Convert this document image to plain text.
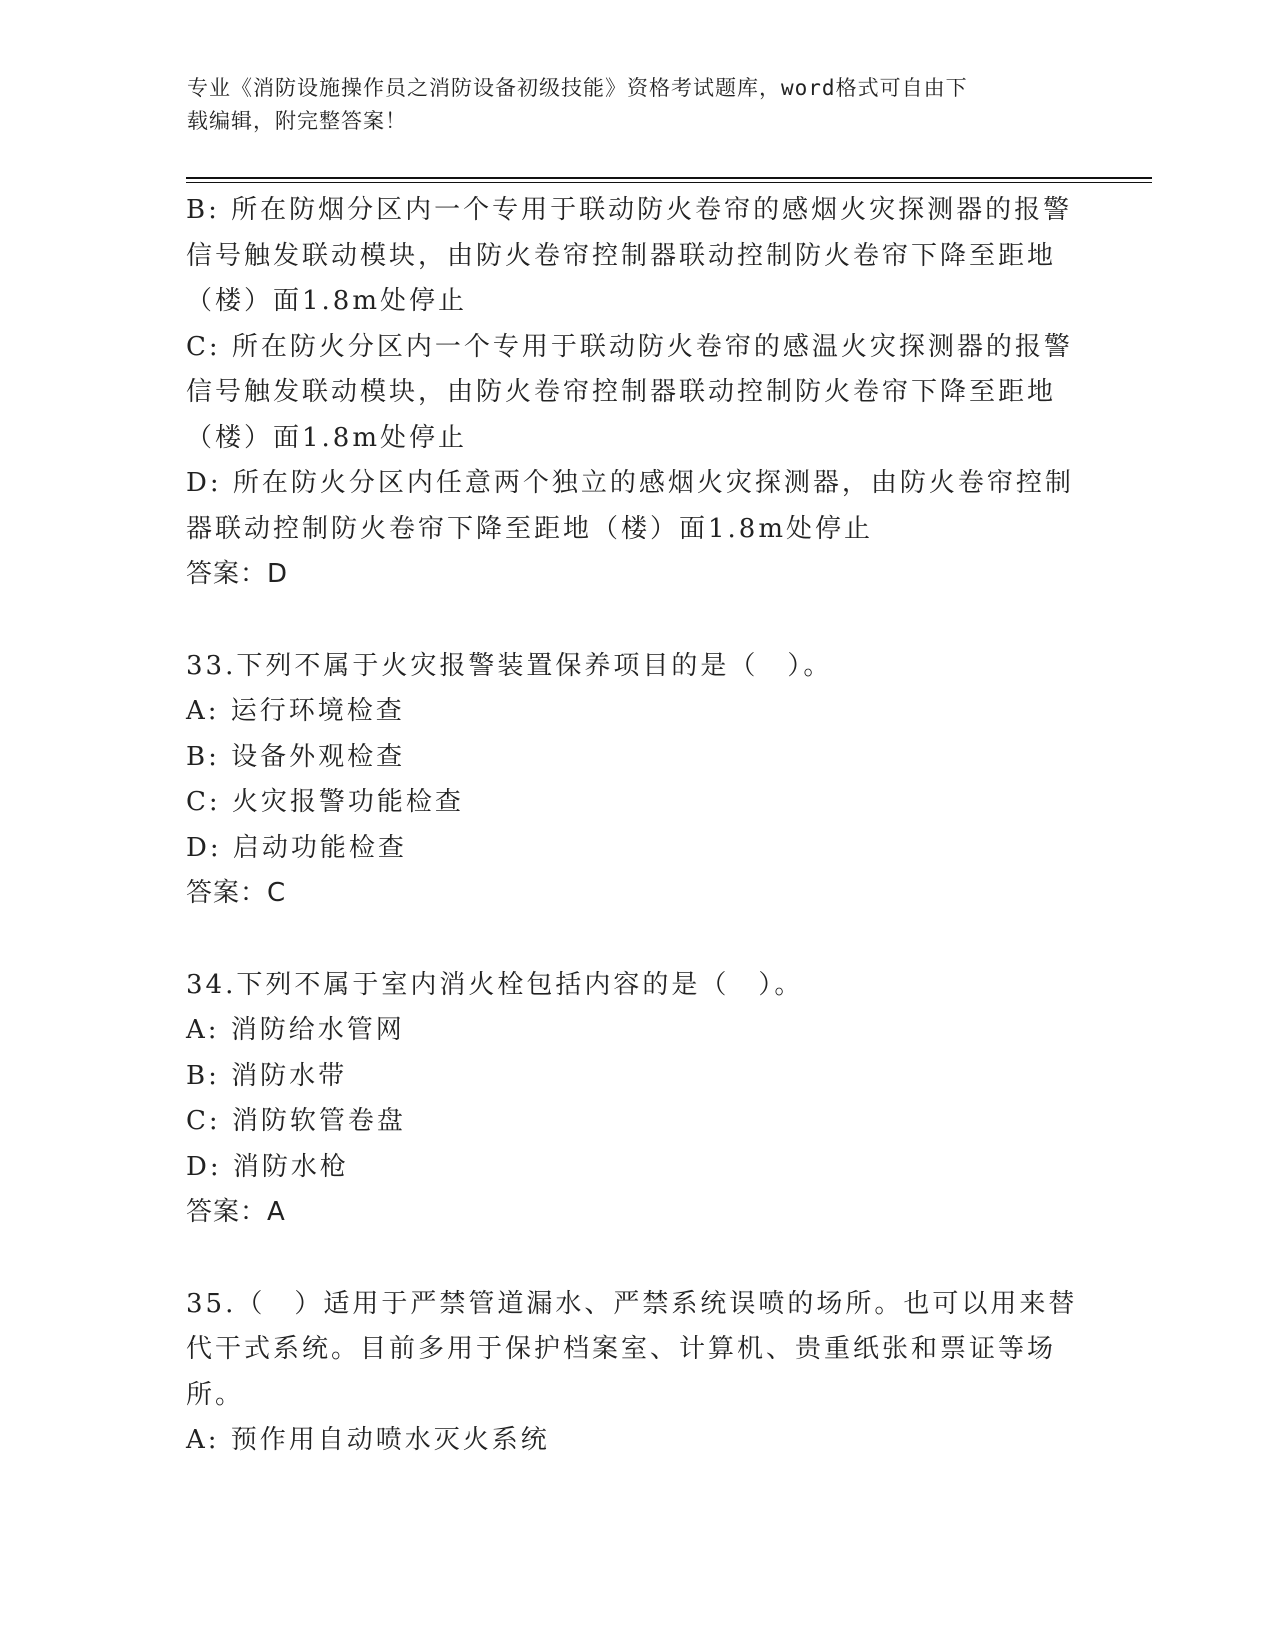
专业《消防设施操作员之消防设备初级技能》资格考试题库，word格式可自由下
载编辑，附完整答案！

B: 所在防烟分区内一个专用于联动防火卷帘的感烟火灾探测器的报警信号触发联动模块，由防火卷帘控制器联动控制防火卷帘下降至距地（楼）面1.8m处停止

C: 所在防火分区内一个专用于联动防火卷帘的感温火灾探测器的报警信号触发联动模块，由防火卷帘控制器联动控制防火卷帘下降至距地（楼）面1.8m处停止

D: 所在防火分区内任意两个独立的感烟火灾探测器，由防火卷帘控制器联动控制防火卷帘下降至距地（楼）面1.8m处停止

答案：D

33.下列不属于火灾报警装置保养项目的是（　）。

A: 运行环境检查

B: 设备外观检查

C: 火灾报警功能检查

D: 启动功能检查

答案：C

34.下列不属于室内消火栓包括内容的是（　）。

A: 消防给水管网

B: 消防水带

C: 消防软管卷盘

D: 消防水枪

答案：A

35.（　）适用于严禁管道漏水、严禁系统误喷的场所。也可以用来替代干式系统。目前多用于保护档案室、计算机、贵重纸张和票证等场所。

A: 预作用自动喷水灭火系统
